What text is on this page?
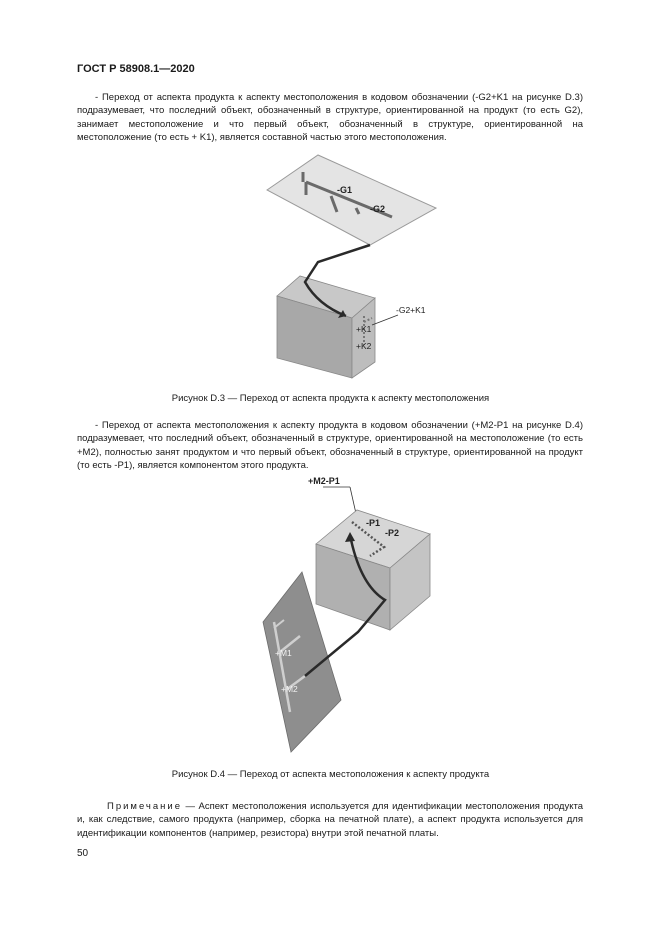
ГОСТ Р 58908.1—2020

- Переход от аспекта продукта к аспекту местоположения в кодовом обозначении (-G2+K1 на рисунке D.3) подразумевает, что последний объект, обозначенный в структуре, ориентированной на продукт (то есть G2), занимает местоположение и что первый объект, обозначенный в структуре, ориентированной на местоположение (то есть + K1), является составной частью этого местоположения.

-G1
-G2
+K1
+K2
-G2+K1
Рисунок D.3 — Переход от аспекта продукта к аспекту местоположения

- Переход от аспекта местоположения к аспекту продукта в кодовом обозначении (+M2-P1 на рисунке D.4) подразумевает, что последний объект, обозначенный в структуре, ориентированной на местоположение (то есть +M2), полностью занят продуктом и что первый объект, обозначенный в структуре, ориентированной на продукт (то есть -P1), является компонентом этого продукта.

+M2-P1
-P1
-P2
+M1
+M2
Рисунок D.4 — Переход от аспекта местоположения к аспекту продукта

Примечание — Аспект местоположения используется для идентификации местоположения продукта и, как следствие, самого продукта (например, сборка на печатной плате), а аспект продукта используется для идентификации компонентов (например, резистора) внутри этой печатной платы.

50
